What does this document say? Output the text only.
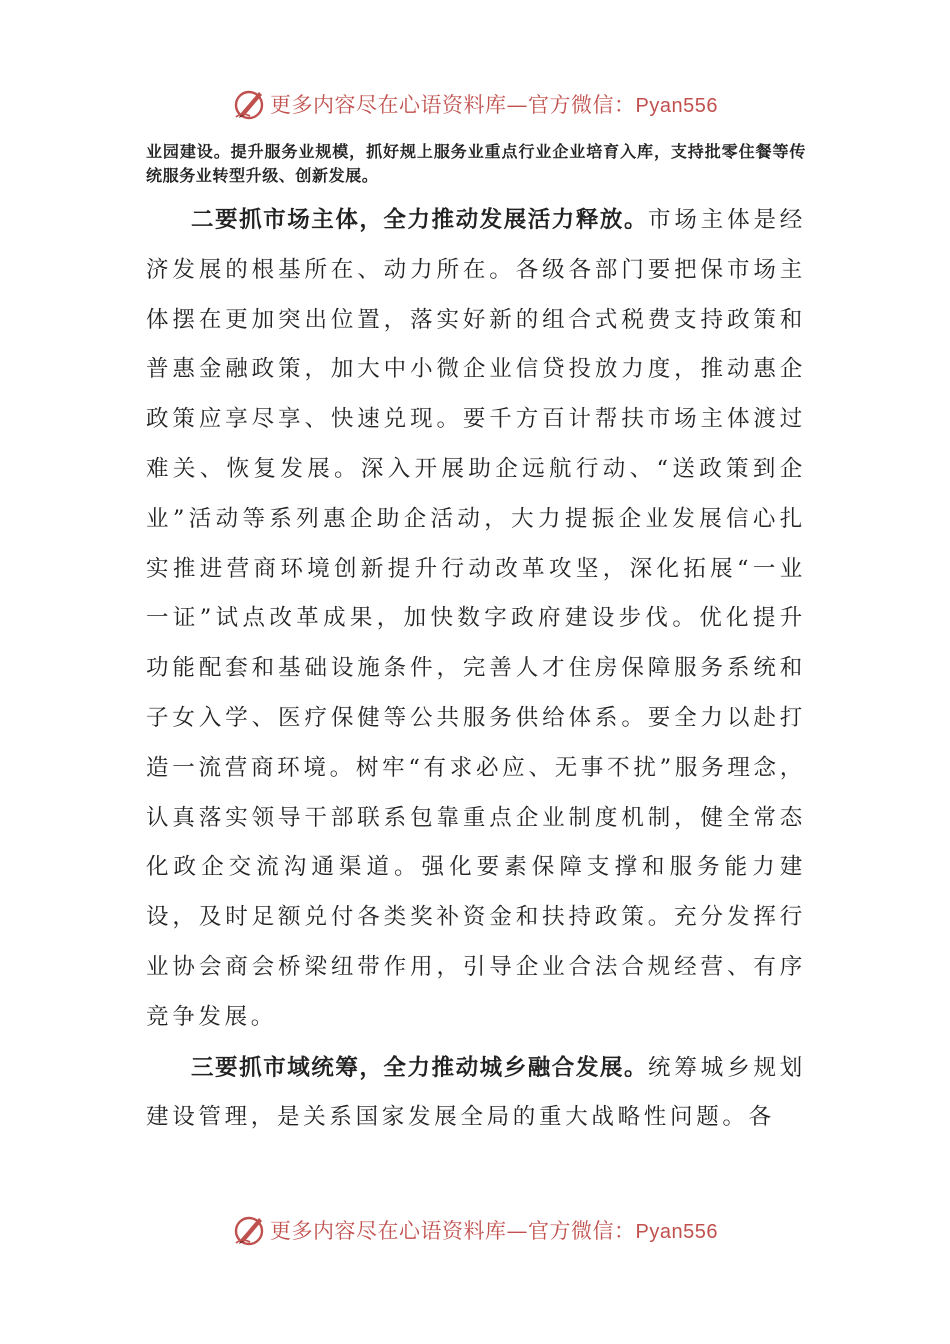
更多内容尽在心语资料库—官方微信：Pyan556

业园建设。提升服务业规模，抓好规上服务业重点行业企业培育入库，支持批零住餐等传统服务业转型升级、创新发展。

二要抓市场主体，全力推动发展活力释放。市场主体是经济发展的根基所在、动力所在。各级各部门要把保市场主体摆在更加突出位置，落实好新的组合式税费支持政策和普惠金融政策，加大中小微企业信贷投放力度，推动惠企政策应享尽享、快速兑现。要千方百计帮扶市场主体渡过难关、恢复发展。深入开展助企远航行动、“送政策到企业”活动等系列惠企助企活动，大力提振企业发展信心扎实推进营商环境创新提升行动改革攻坚，深化拓展“一业一证”试点改革成果，加快数字政府建设步伐。优化提升功能配套和基础设施条件，完善人才住房保障服务系统和子女入学、医疗保健等公共服务供给体系。要全力以赴打造一流营商环境。树牢“有求必应、无事不扰”服务理念，认真落实领导干部联系包靠重点企业制度机制，健全常态化政企交流沟通渠道。强化要素保障支撑和服务能力建设，及时足额兑付各类奖补资金和扶持政策。充分发挥行业协会商会桥梁纽带作用，引导企业合法合规经营、有序竞争发展。

三要抓市域统筹，全力推动城乡融合发展。统筹城乡规划建设管理，是关系国家发展全局的重大战略性问题。各

更多内容尽在心语资料库—官方微信：Pyan556
